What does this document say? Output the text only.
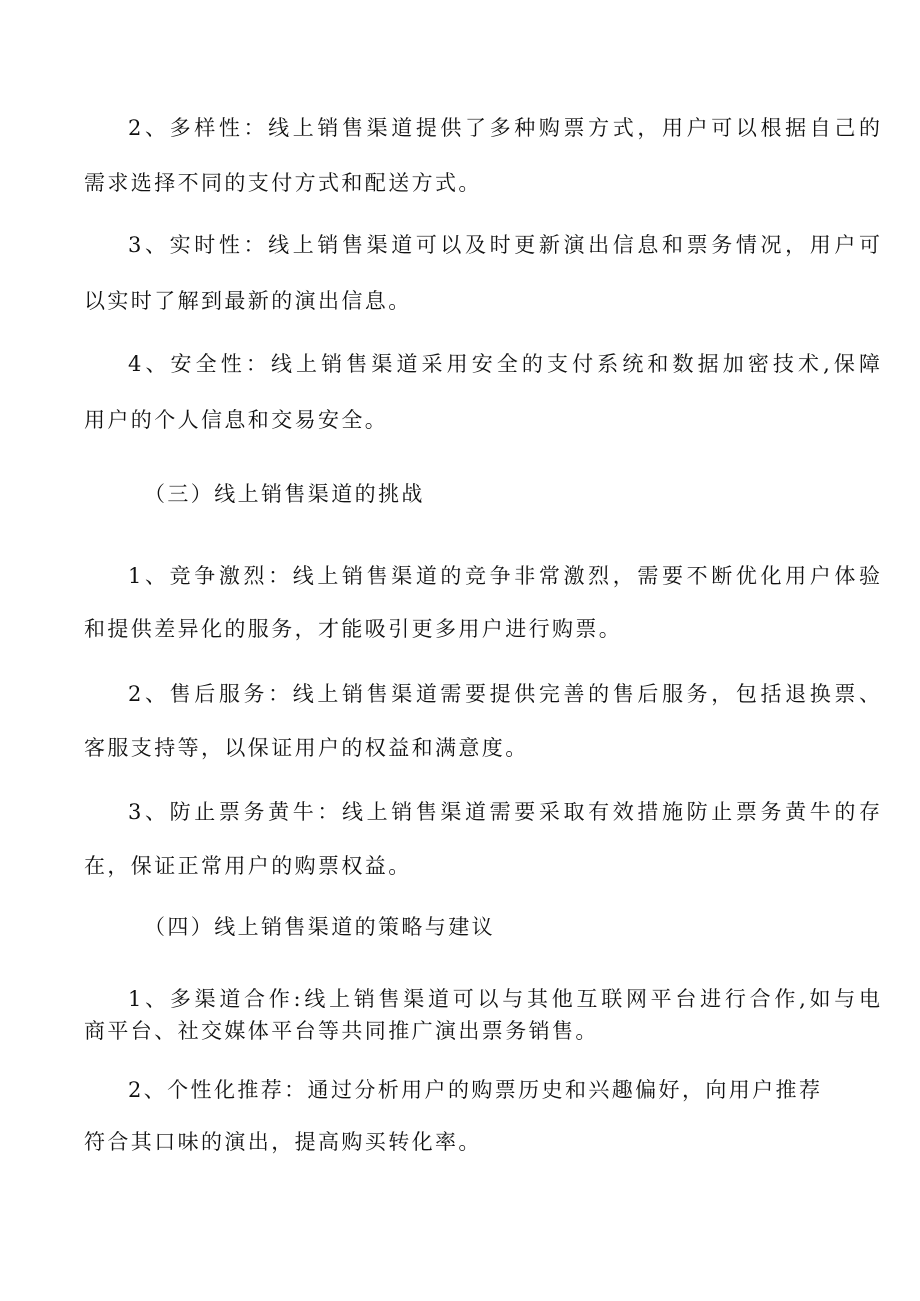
2、多样性：线上销售渠道提供了多种购票方式，用户可以根据自己的
需求选择不同的支付方式和配送方式。
3、实时性：线上销售渠道可以及时更新演出信息和票务情况，用户可
以实时了解到最新的演出信息。
4、安全性：线上销售渠道采用安全的支付系统和数据加密技术,保障
用户的个人信息和交易安全。
（三）线上销售渠道的挑战
1、竞争激烈：线上销售渠道的竞争非常激烈，需要不断优化用户体验
和提供差异化的服务，才能吸引更多用户进行购票。
2、售后服务：线上销售渠道需要提供完善的售后服务，包括退换票、
客服支持等，以保证用户的权益和满意度。
3、防止票务黄牛：线上销售渠道需要采取有效措施防止票务黄牛的存
在，保证正常用户的购票权益。
（四）线上销售渠道的策略与建议
1、多渠道合作:线上销售渠道可以与其他互联网平台进行合作,如与电
商平台、社交媒体平台等共同推广演出票务销售。
2、个性化推荐：通过分析用户的购票历史和兴趣偏好，向用户推荐
符合其口味的演出，提高购买转化率。
